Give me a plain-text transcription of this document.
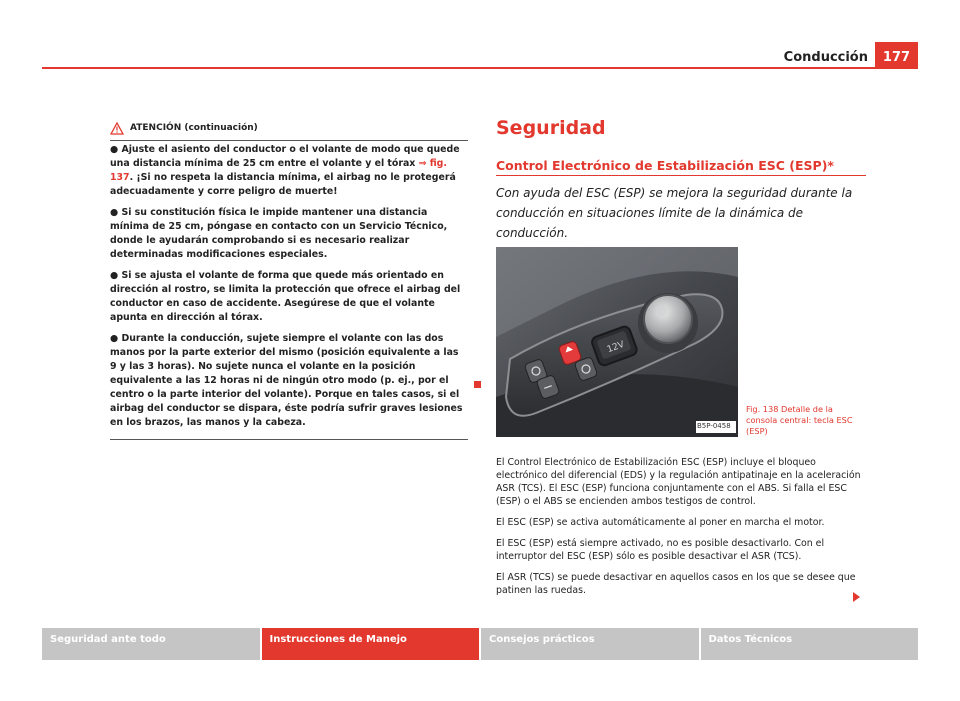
Conducción	177
ATENCIÓN (continuación)

● Ajuste el asiento del conductor o el volante de modo que quede una distancia mínima de 25 cm entre el volante y el tórax ⇒ fig. 137. ¡Si no respeta la distancia mínima, el airbag no le protegerá adecuadamente y corre peligro de muerte!

● Si su constitución física le impide mantener una distancia mínima de 25 cm, póngase en contacto con un Servicio Técnico, donde le ayudarán comprobando si es necesario realizar determinadas modificaciones especiales.

● Si se ajusta el volante de forma que quede más orientado en dirección al rostro, se limita la protección que ofrece el airbag del conductor en caso de accidente. Asegúrese de que el volante apunta en dirección al tórax.

● Durante la conducción, sujete siempre el volante con las dos manos por la parte exterior del mismo (posición equivalente a las 9 y las 3 horas). No sujete nunca el volante en la posición equivalente a las 12 horas ni de ningún otro modo (p. ej., por el centro o la parte interior del volante). Porque en tales casos, si el airbag del conductor se dispara, éste podría sufrir graves lesiones en los brazos, las manos y la cabeza.

Seguridad
Control Electrónico de Estabilización ESC (ESP)*

Con ayuda del ESC (ESP) se mejora la seguridad durante la conducción en situaciones límite de la dinámica de conducción.

12V
B5P-0458
Fig. 138 Detalle de la consola central: tecla ESC (ESP)

El Control Electrónico de Estabilización ESC (ESP) incluye el bloqueo electrónico del diferencial (EDS) y la regulación antipatinaje en la aceleración ASR (TCS). El ESC (ESP) funciona conjuntamente con el ABS. Si falla el ESC (ESP) o el ABS se encienden ambos testigos de control.

El ESC (ESP) se activa automáticamente al poner en marcha el motor.

El ESC (ESP) está siempre activado, no es posible desactivarlo. Con el interruptor del ESC (ESP) sólo es posible desactivar el ASR (TCS).

El ASR (TCS) se puede desactivar en aquellos casos en los que se desee que patinen las ruedas.

Seguridad ante todo	Instrucciones de Manejo	Consejos prácticos	Datos Técnicos
